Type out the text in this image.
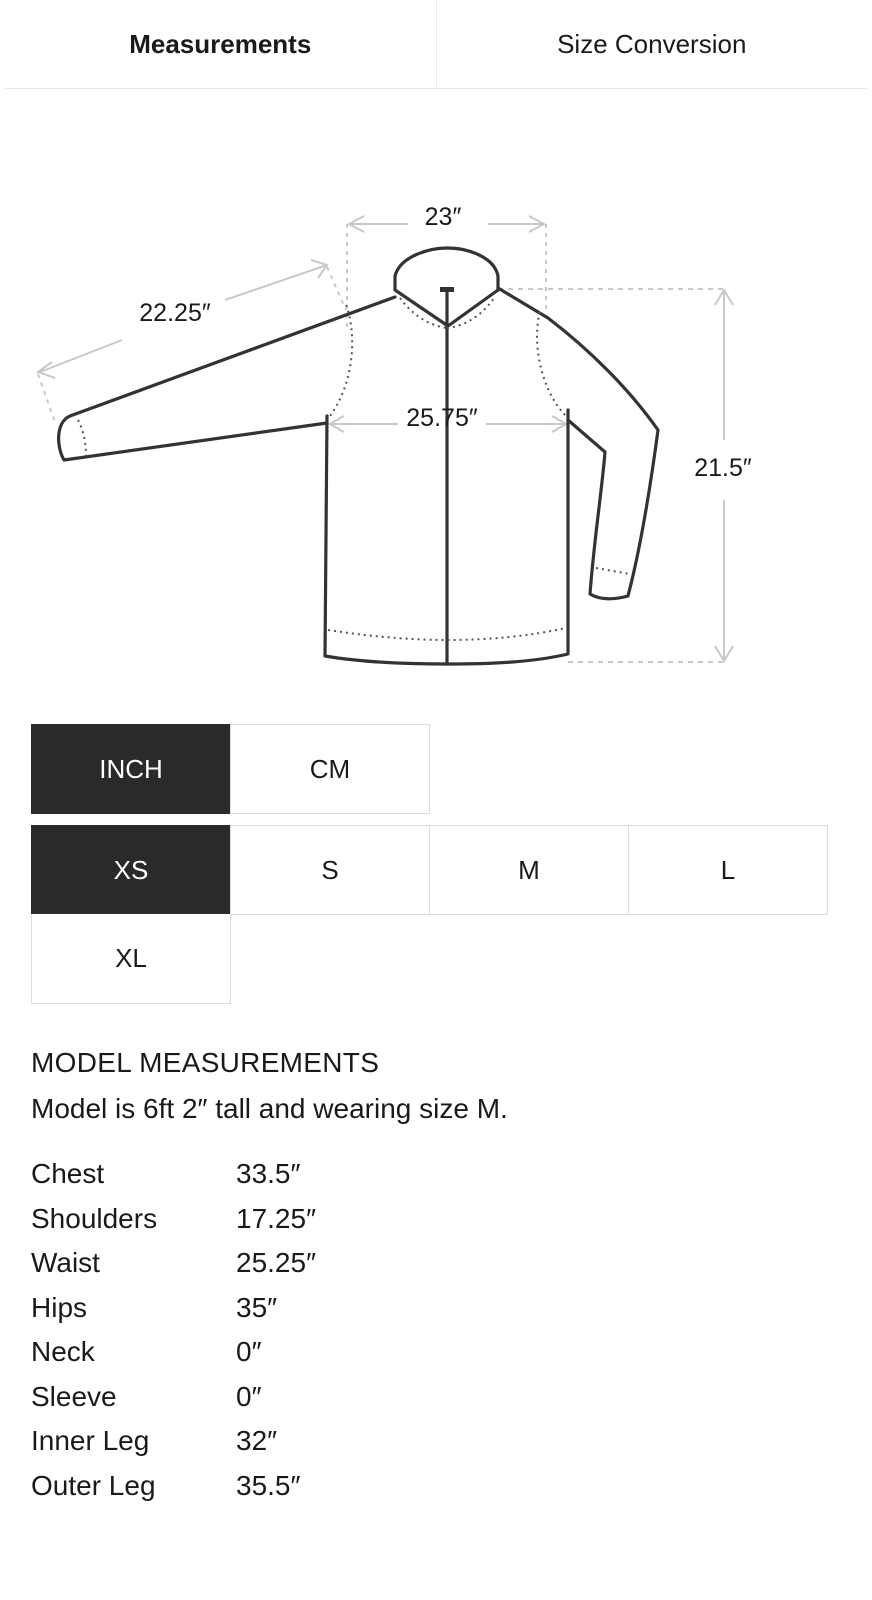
Measurements	Size Conversion
23″
22.25″
25.75″
21.5″
INCH	CM
XS	S	M	L
XL
MODEL MEASUREMENTS
Model is 6ft 2″ tall and wearing size M.
Chest	33.5″
Shoulders	17.25″
Waist	25.25″
Hips	35″
Neck	0″
Sleeve	0″
Inner Leg	32″
Outer Leg	35.5″
